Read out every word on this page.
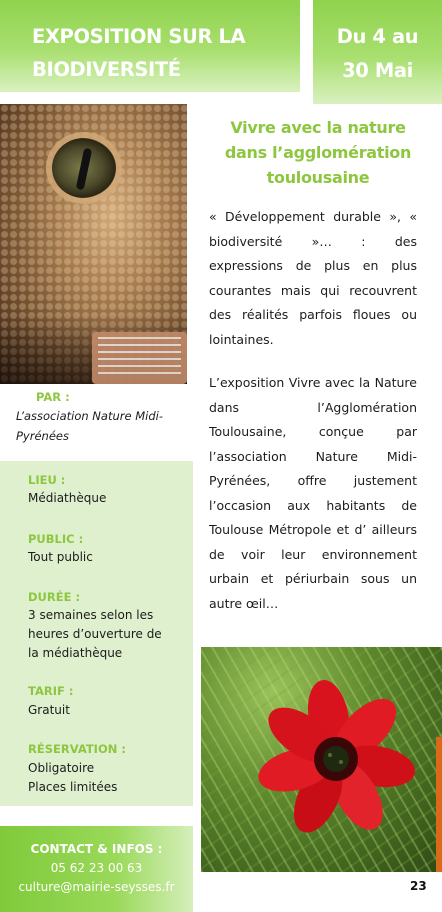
EXPOSITION SUR LA
BIODIVERSITÉ
Du 4 au
30 Mai
PAR :
L’association Nature Midi-
Pyrénées
LIEU :
Médiathèque
PUBLIC :
Tout public
DURÉE :
3 semaines selon les
heures d’ouverture de
la médiathèque
TARIF :
Gratuit
RÉSERVATION :
Obligatoire
Places limitées
CONTACT & INFOS :
05 62 23 00 63
culture@mairie-seysses.fr
Vivre avec la nature
dans l’agglomération
toulousaine
« Développement durable », « biodiversité »… : des expressions de plus en plus courantes mais qui recouvrent des réalités parfois floues ou lointaines.
L’exposition Vivre avec la Nature dans l’Agglomération Toulousaine, conçue par l’association Nature Midi-Pyrénées, offre justement l’occasion aux habitants de Toulouse Métropole et d’ ailleurs de voir leur environnement urbain et périurbain sous un autre œil…
23
